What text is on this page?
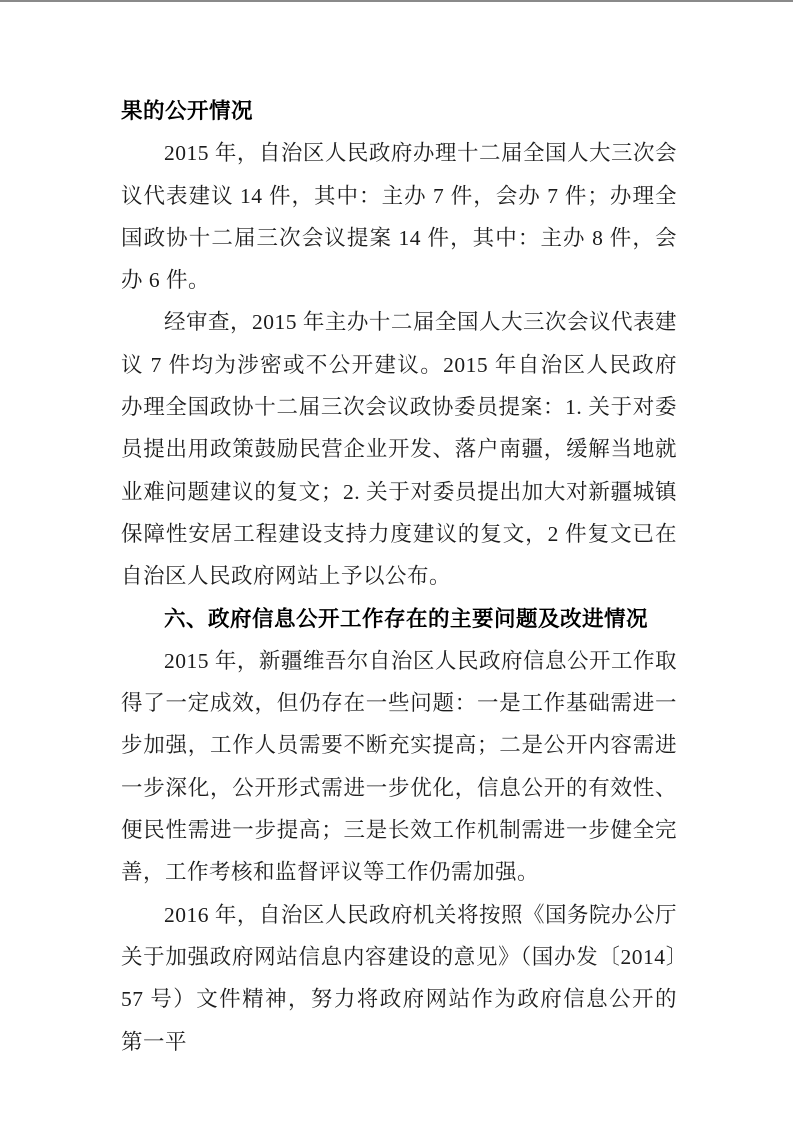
果的公开情况

2015 年，自治区人民政府办理十二届全国人大三次会议代表建议 14 件，其中：主办 7 件，会办 7 件；办理全国政协十二届三次会议提案 14 件，其中：主办 8 件，会办 6 件。

经审查，2015 年主办十二届全国人大三次会议代表建议 7 件均为涉密或不公开建议。2015 年自治区人民政府办理全国政协十二届三次会议政协委员提案：1. 关于对委员提出用政策鼓励民营企业开发、落户南疆，缓解当地就业难问题建议的复文；2. 关于对委员提出加大对新疆城镇保障性安居工程建设支持力度建议的复文，2 件复文已在自治区人民政府网站上予以公布。

六、政府信息公开工作存在的主要问题及改进情况

2015 年，新疆维吾尔自治区人民政府信息公开工作取得了一定成效，但仍存在一些问题：一是工作基础需进一步加强，工作人员需要不断充实提高；二是公开内容需进一步深化，公开形式需进一步优化，信息公开的有效性、便民性需进一步提高；三是长效工作机制需进一步健全完善，工作考核和监督评议等工作仍需加强。

2016 年，自治区人民政府机关将按照《国务院办公厅关于加强政府网站信息内容建设的意见》（国办发〔2014〕57 号）文件精神，努力将政府网站作为政府信息公开的第一平
